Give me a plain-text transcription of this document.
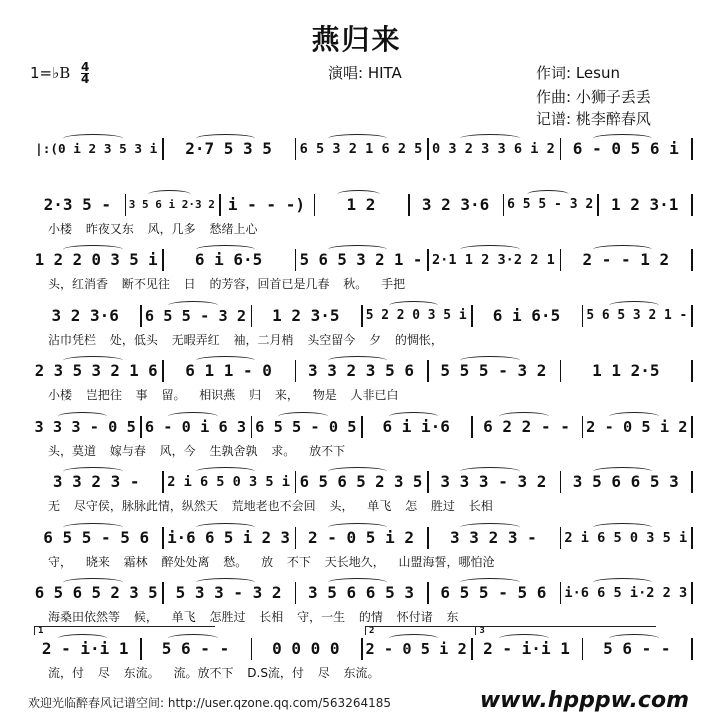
燕归来
1=♭B $\frac{4}{4}$	演唱: HITA	作词: Lesun
作曲: 小狮子丢丢
记谱: 桃李醉春风
|:(0 i 2 3 5 3 i	2·7 5 3 5	6 5 3 2 1 6 2 5 0 3 2 3 3 6 i 2	6 - 0 5 6 i
2·3 5 -	3 5 6 i 2·3 2 i - - -)	1 2	3 2 3·6	6 5 5 - 3 2	1 2 3·1
小楼 昨夜又东 风，几多 愁绪上心
1 2 2 0 3 5 i	6 i 6·5	5 6 5 3 2 1 - 2·1 1 2 3·2 2 1	2 - - 1 2
头，红消香 断不见往 日 的芳容，回首已是几春 秋。 手把
3 2 3·6	6 5 5 - 3 2	1 2 3·5	5 2 2 0 3 5 i	6 i 6·5	5 6 5 3 2 1 -
沾巾凭栏 处，低头 无暇弄红 袖，二月梢 头空留今 夕 的惆怅，
2 3 5 3 2 1 6	6 1 1 - 0	3 3 2 3 5 6	5 5 5 - 3 2	1 1 2·5
小楼 岂把往 事 留。 相识燕 归 来， 物是 人非已白
3 3 3 - 0 5 6 - 0 i 6 3 6 5 5 - 0 5	6 i i·6	6 2 2 - -	2 - 0 5 i 2
头，莫道 嫁与春 风，今 生孰舍孰 求。 放不下
3 3 2 3 -	2 i 6 5 0 3 5 i 6 5 6 5 2 3 5	3 3 3 - 3 2	3 5 6 6 5 3
无 尽守侯，脉脉此情，纵然天 荒地老也不会回 头， 单飞 怎 胜过 长相
6 5 5 - 5 6	i·6 6 5 i 2 3	2 - 0 5 i 2	3 3 2 3 -	2 i 6 5 0 3 5 i
守， 晓来 霜林 醉处处离 愁。 放 不下 天长地久， 山盟海誓，哪怕沧
6 5 6 5 2 3 5	5 3 3 - 3 2	3 5 6 6 5 3	6 5 5 - 5 6	i·6 6 5 i·2 2 3
海桑田依然等 候， 单飞 怎胜过 长相 守，一生 的情 怀付诸 东
2 - i·i 1	5 6 - -	0 0 0 0	2 - 0 5 i 2	2 - i·i 1	5 6 - -
1	2	3
流，付 尽 东流。 流。放不下 D.S流，付 尽 东流。
欢迎光临醉春风记谱空间: http://user.qzone.qq.com/563264185	www.hpppw.com
